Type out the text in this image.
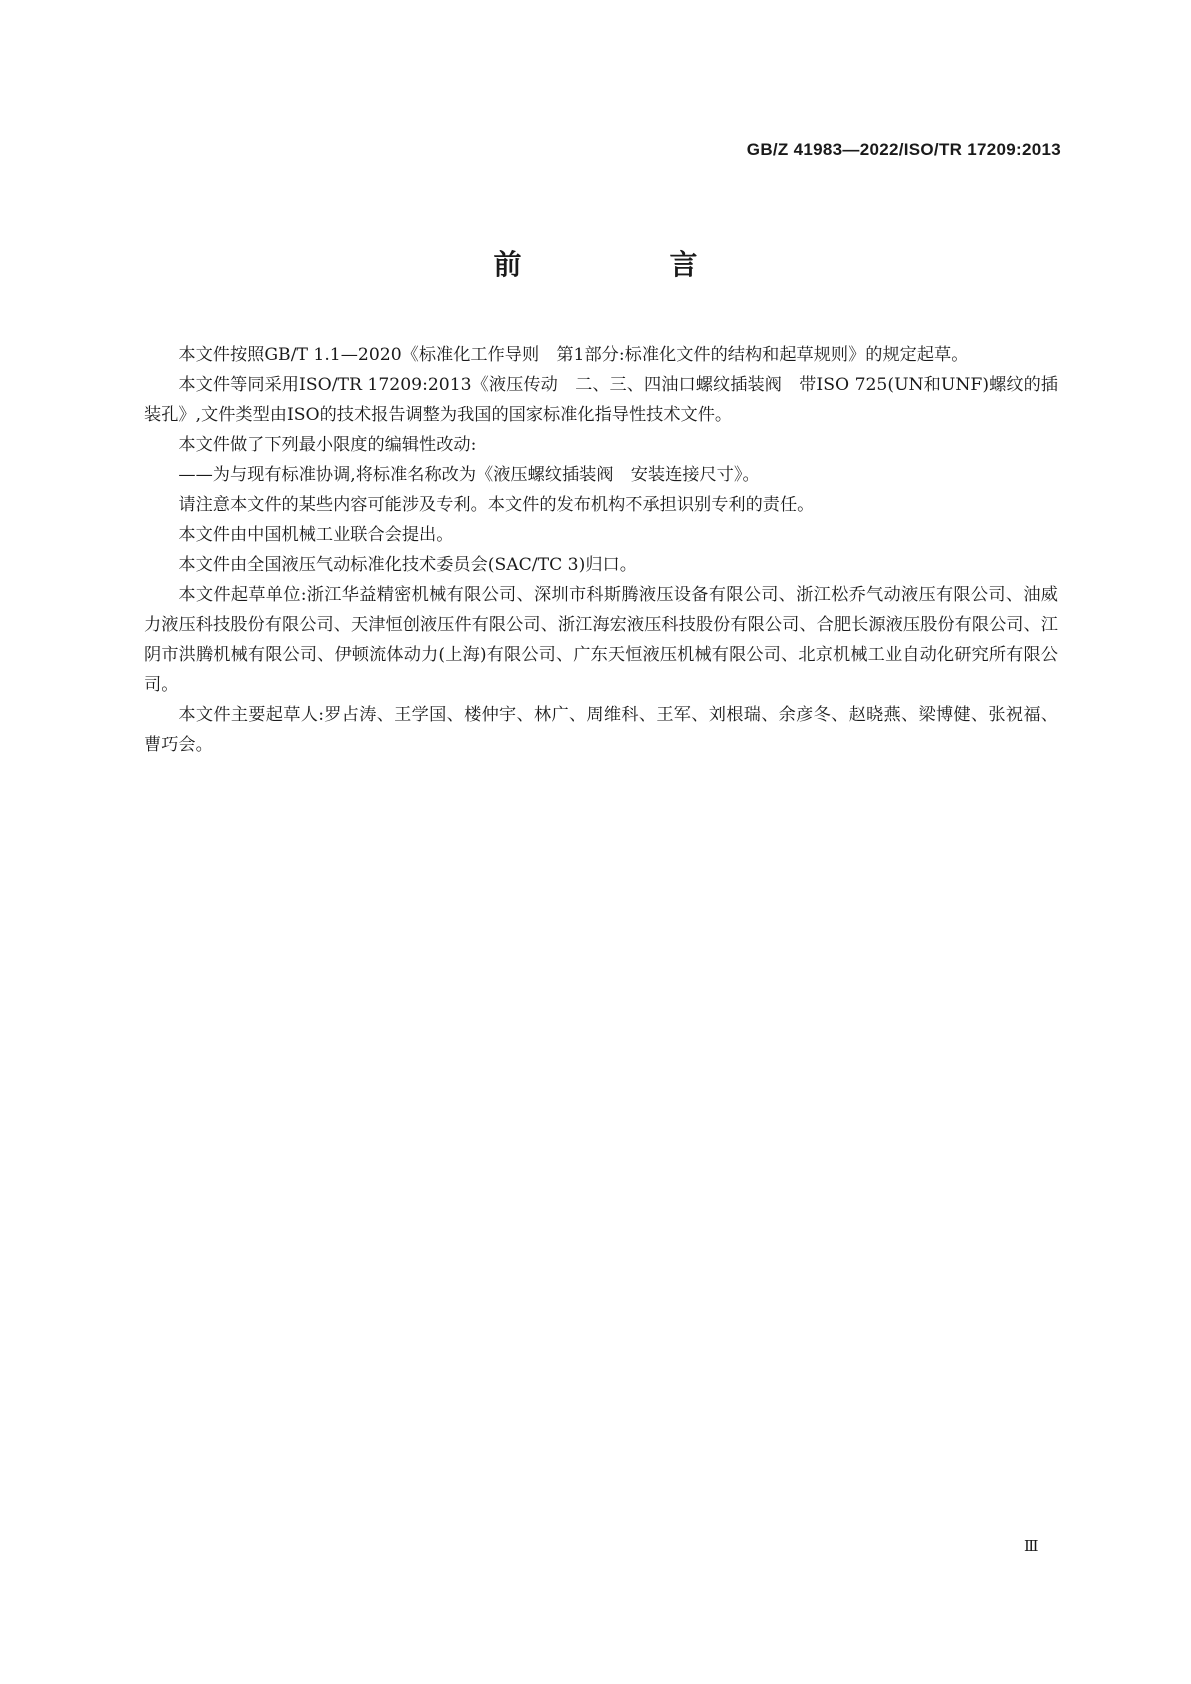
GB/Z 41983—2022/ISO/TR 17209:2013
前　言

本文件按照GB/T 1.1—2020《标准化工作导则　第1部分:标准化文件的结构和起草规则》的规定起草。

本文件等同采用ISO/TR 17209:2013《液压传动　二、三、四油口螺纹插装阀　带ISO 725(UN和UNF)螺纹的插装孔》,文件类型由ISO的技术报告调整为我国的国家标准化指导性技术文件。

本文件做了下列最小限度的编辑性改动:

——为与现有标准协调,将标准名称改为《液压螺纹插装阀　安装连接尺寸》。

请注意本文件的某些内容可能涉及专利。本文件的发布机构不承担识别专利的责任。

本文件由中国机械工业联合会提出。

本文件由全国液压气动标准化技术委员会(SAC/TC 3)归口。

本文件起草单位:浙江华益精密机械有限公司、深圳市科斯腾液压设备有限公司、浙江松乔气动液压有限公司、油威力液压科技股份有限公司、天津恒创液压件有限公司、浙江海宏液压科技股份有限公司、合肥长源液压股份有限公司、江阴市洪腾机械有限公司、伊顿流体动力(上海)有限公司、广东天恒液压机械有限公司、北京机械工业自动化研究所有限公司。

本文件主要起草人:罗占涛、王学国、楼仲宇、林广、周维科、王军、刘根瑞、余彦冬、赵晓燕、梁博健、张祝福、曹巧会。

Ⅲ
